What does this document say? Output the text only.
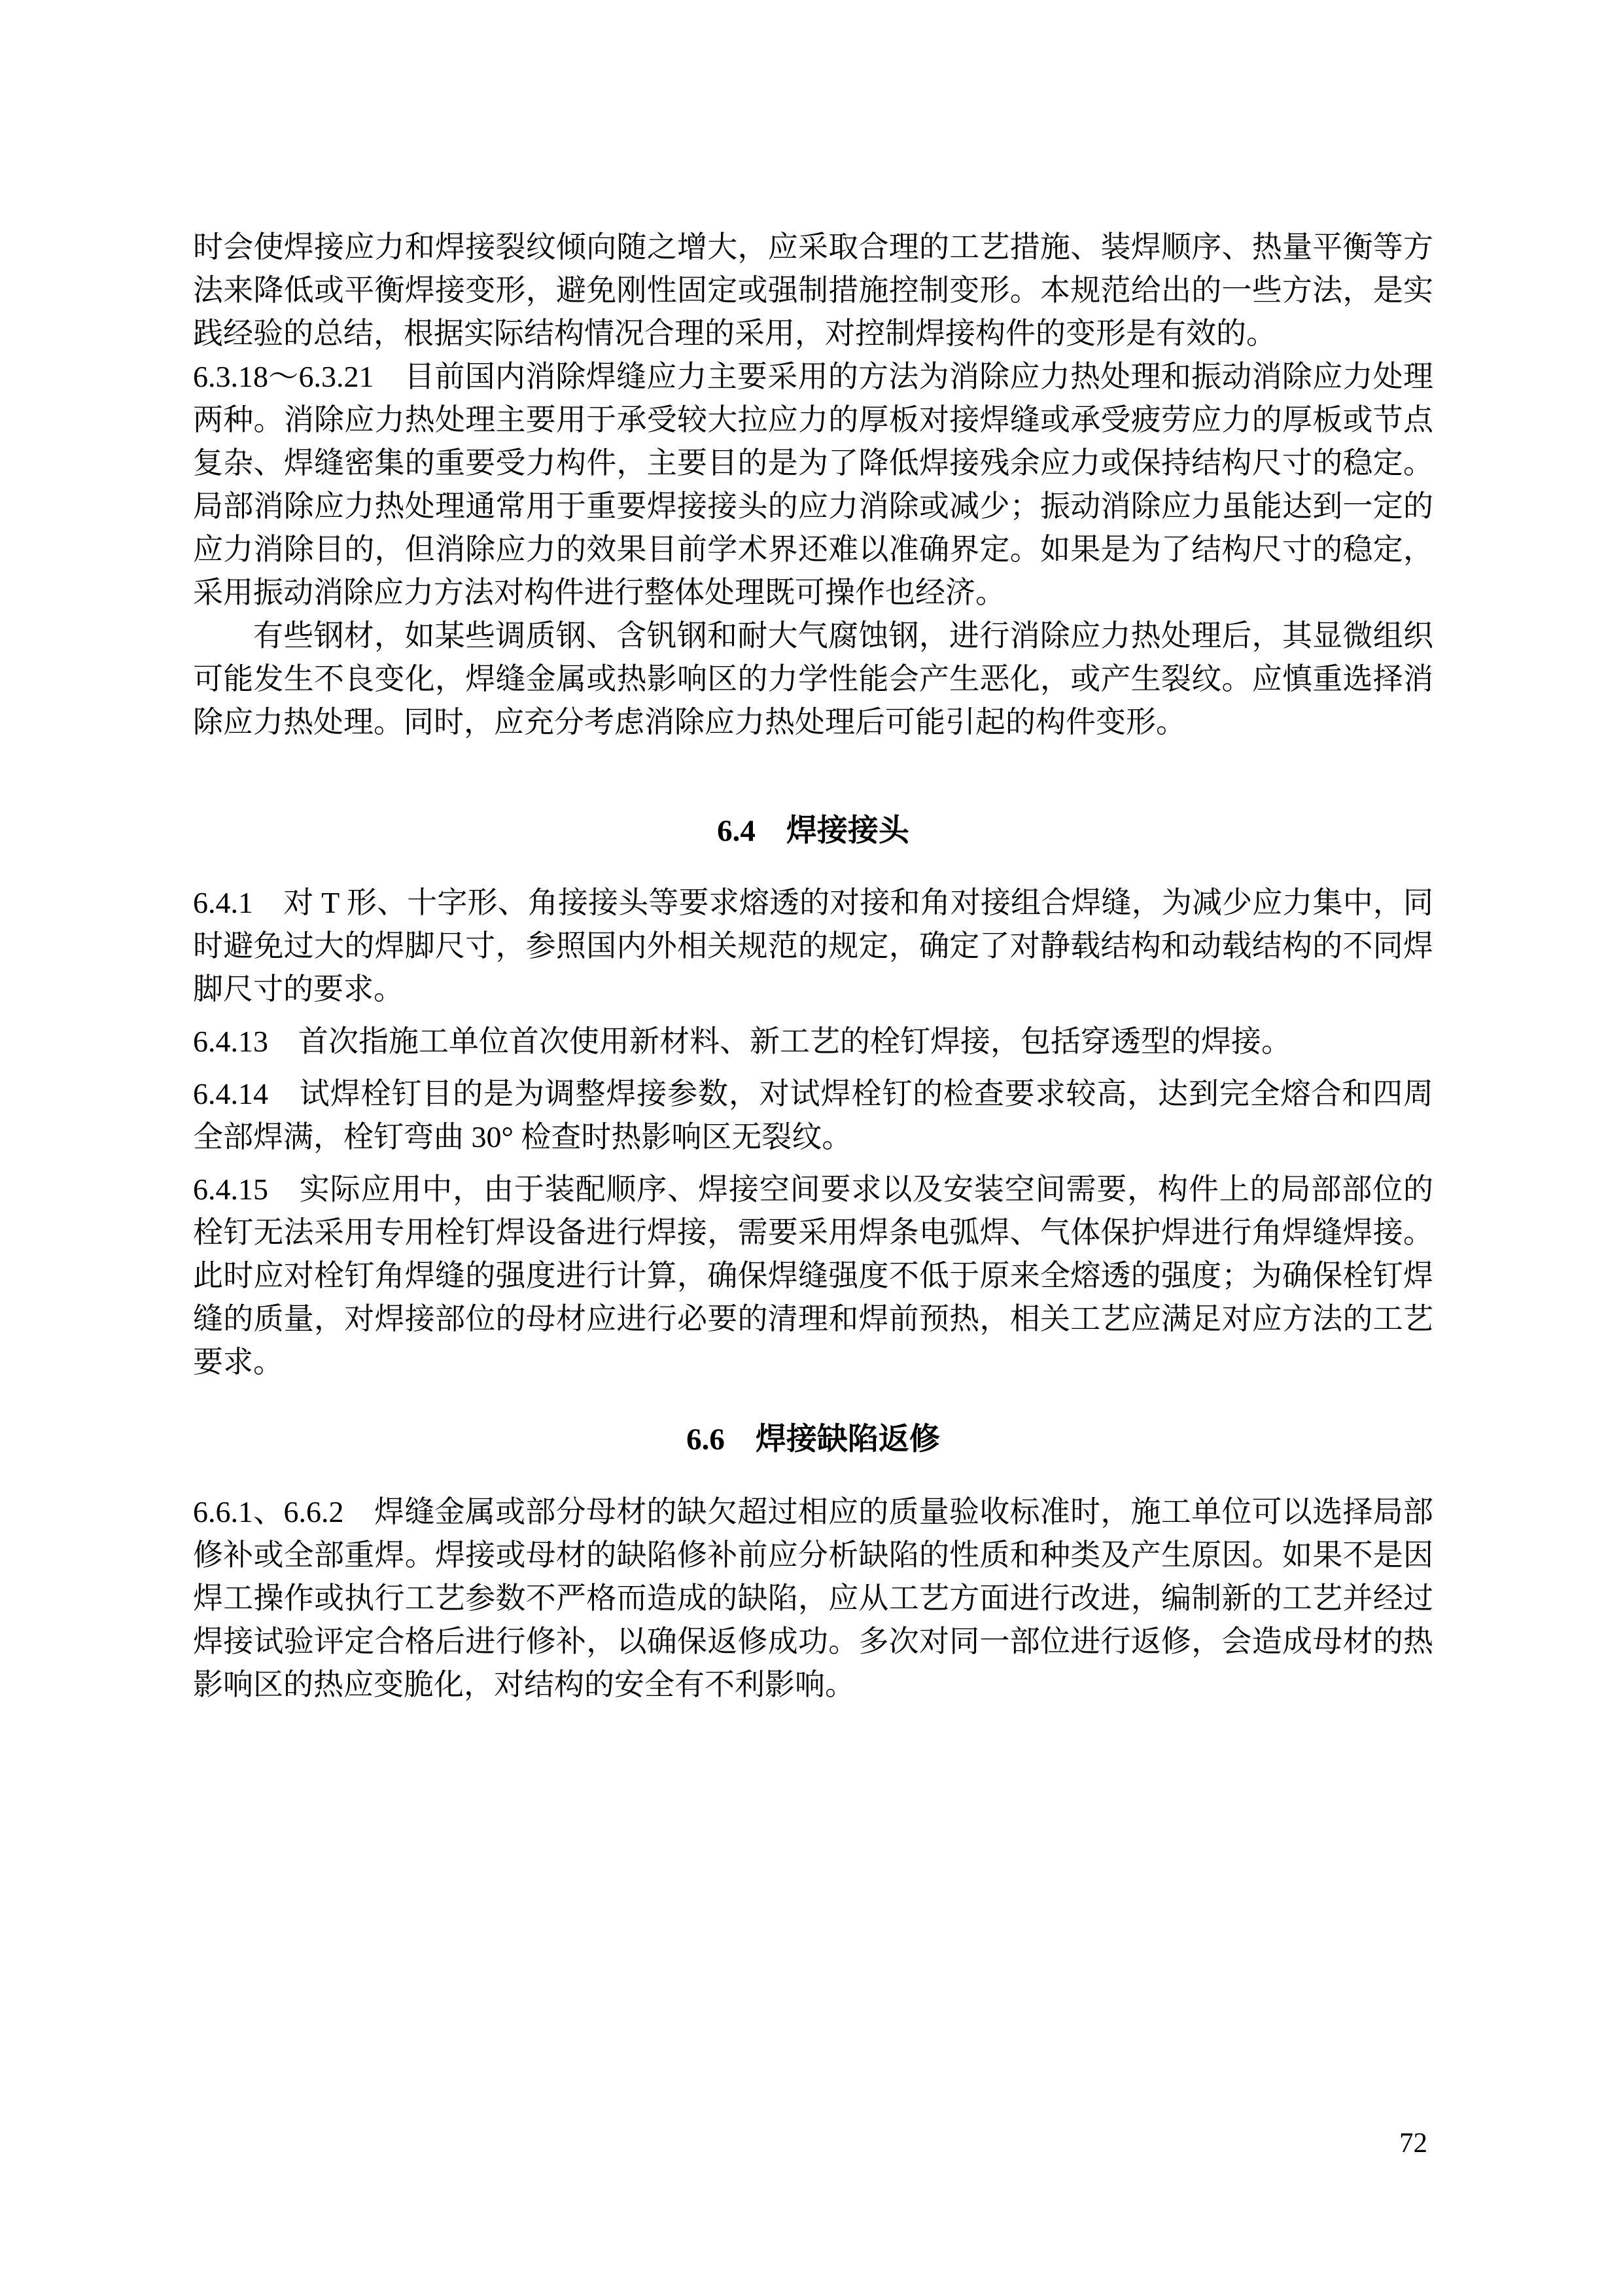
时会使焊接应力和焊接裂纹倾向随之增大，应采取合理的工艺措施、装焊顺序、热量平衡等方法来降低或平衡焊接变形，避免刚性固定或强制措施控制变形。本规范给出的一些方法，是实践经验的总结，根据实际结构情况合理的采用，对控制焊接构件的变形是有效的。

6.3.18～6.3.21　目前国内消除焊缝应力主要采用的方法为消除应力热处理和振动消除应力处理两种。消除应力热处理主要用于承受较大拉应力的厚板对接焊缝或承受疲劳应力的厚板或节点复杂、焊缝密集的重要受力构件，主要目的是为了降低焊接残余应力或保持结构尺寸的稳定。局部消除应力热处理通常用于重要焊接接头的应力消除或减少；振动消除应力虽能达到一定的应力消除目的，但消除应力的效果目前学术界还难以准确界定。如果是为了结构尺寸的稳定，采用振动消除应力方法对构件进行整体处理既可操作也经济。

有些钢材，如某些调质钢、含钒钢和耐大气腐蚀钢，进行消除应力热处理后，其显微组织可能发生不良变化，焊缝金属或热影响区的力学性能会产生恶化，或产生裂纹。应慎重选择消除应力热处理。同时，应充分考虑消除应力热处理后可能引起的构件变形。

6.4　焊接接头

6.4.1　对 T 形、十字形、角接接头等要求熔透的对接和角对接组合焊缝，为减少应力集中，同时避免过大的焊脚尺寸，参照国内外相关规范的规定，确定了对静载结构和动载结构的不同焊脚尺寸的要求。

6.4.13　首次指施工单位首次使用新材料、新工艺的栓钉焊接，包括穿透型的焊接。

6.4.14　试焊栓钉目的是为调整焊接参数，对试焊栓钉的检查要求较高，达到完全熔合和四周全部焊满，栓钉弯曲 30° 检查时热影响区无裂纹。

6.4.15　实际应用中，由于装配顺序、焊接空间要求以及安装空间需要，构件上的局部部位的栓钉无法采用专用栓钉焊设备进行焊接，需要采用焊条电弧焊、气体保护焊进行角焊缝焊接。此时应对栓钉角焊缝的强度进行计算，确保焊缝强度不低于原来全熔透的强度；为确保栓钉焊缝的质量，对焊接部位的母材应进行必要的清理和焊前预热，相关工艺应满足对应方法的工艺要求。

6.6　焊接缺陷返修

6.6.1、6.6.2　焊缝金属或部分母材的缺欠超过相应的质量验收标准时，施工单位可以选择局部修补或全部重焊。焊接或母材的缺陷修补前应分析缺陷的性质和种类及产生原因。如果不是因焊工操作或执行工艺参数不严格而造成的缺陷，应从工艺方面进行改进，编制新的工艺并经过焊接试验评定合格后进行修补，以确保返修成功。多次对同一部位进行返修，会造成母材的热影响区的热应变脆化，对结构的安全有不利影响。

72
